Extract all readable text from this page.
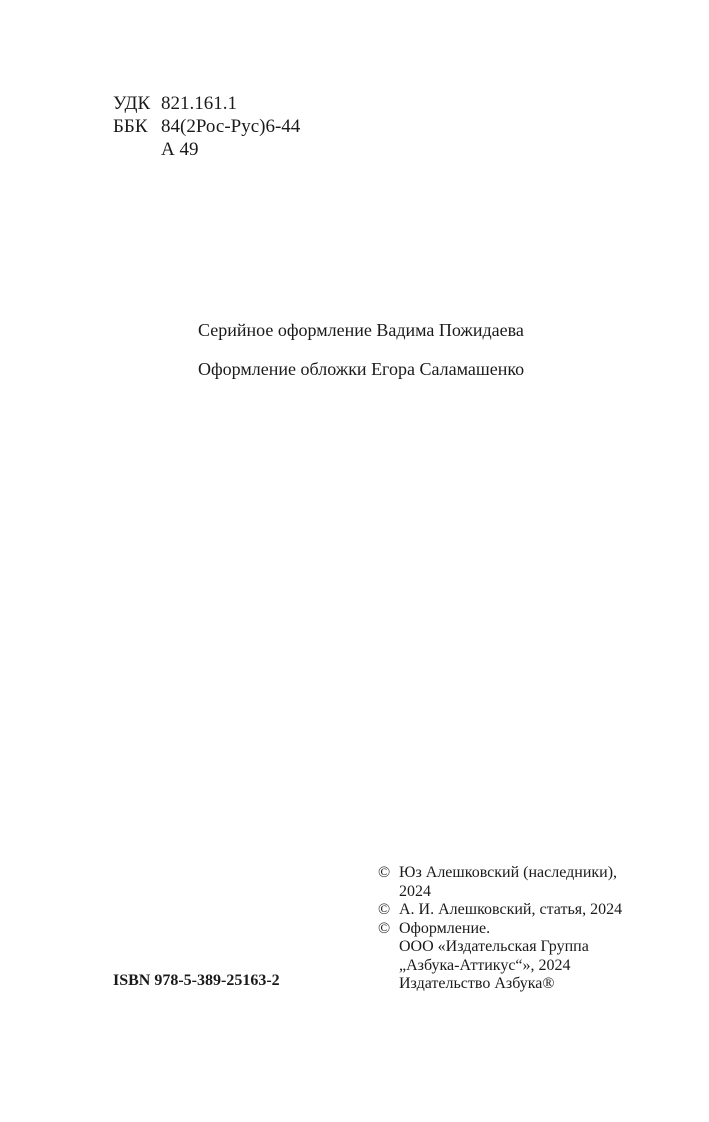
УДК 821.161.1
ББК 84(2Рос-Рус)6-44
А 49
Серийное оформление Вадима Пожидаева
Оформление обложки Егора Саламашенко
ISBN 978-5-389-25163-2
© Юз Алешковский (наследники),
2024
© А. И. Алешковский, статья, 2024
© Оформление.
ООО «Издательская Группа
„Азбука-Аттикус“», 2024
Издательство Азбука®
